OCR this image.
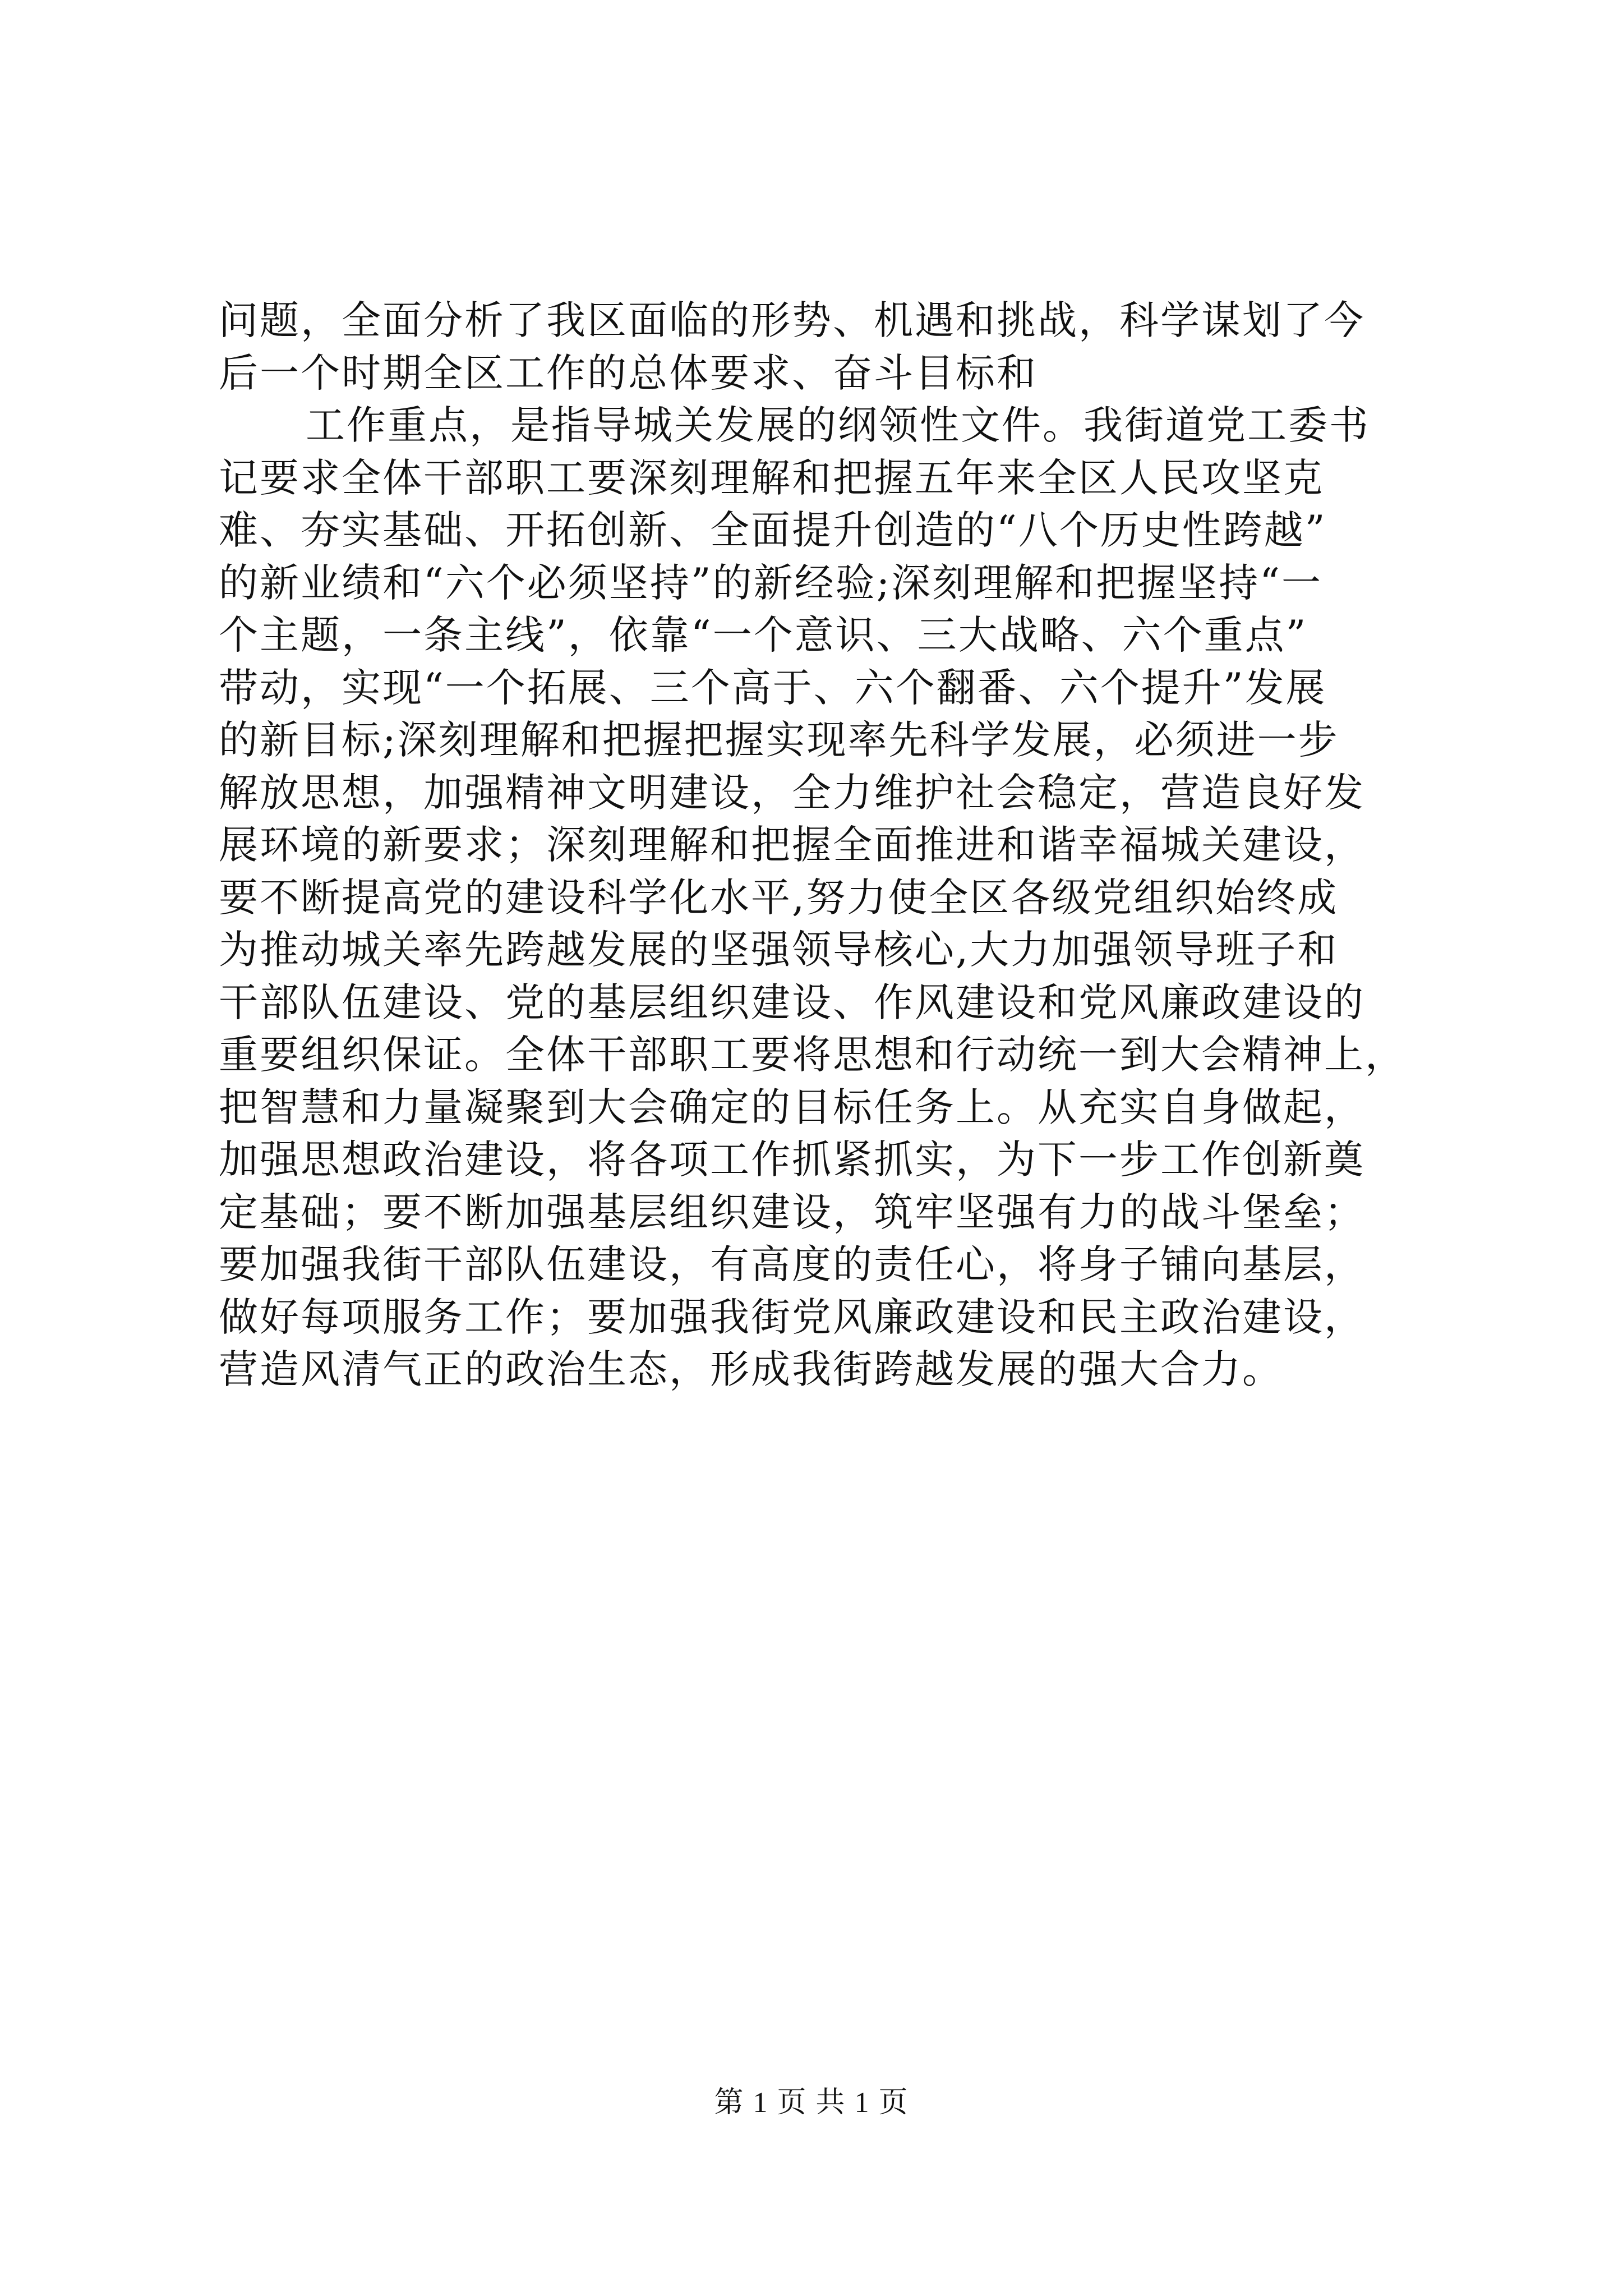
问题，全面分析了我区面临的形势、机遇和挑战，科学谋划了今
后一个时期全区工作的总体要求、奋斗目标和
工作重点，是指导城关发展的纲领性文件。我街道党工委书
记要求全体干部职工要深刻理解和把握五年来全区人民攻坚克
难、夯实基础、开拓创新、全面提升创造的“八个历史性跨越”
的新业绩和“六个必须坚持”的新经验;深刻理解和把握坚持“一
个主题，一条主线”，依靠“一个意识、三大战略、六个重点”
带动，实现“一个拓展、三个高于、六个翻番、六个提升”发展
的新目标;深刻理解和把握把握实现率先科学发展，必须进一步
解放思想，加强精神文明建设，全力维护社会稳定，营造良好发
展环境的新要求；深刻理解和把握全面推进和谐幸福城关建设，
要不断提高党的建设科学化水平,努力使全区各级党组织始终成
为推动城关率先跨越发展的坚强领导核心,大力加强领导班子和
干部队伍建设、党的基层组织建设、作风建设和党风廉政建设的
重要组织保证。全体干部职工要将思想和行动统一到大会精神上，
把智慧和力量凝聚到大会确定的目标任务上。从充实自身做起，
加强思想政治建设，将各项工作抓紧抓实，为下一步工作创新奠
定基础；要不断加强基层组织建设，筑牢坚强有力的战斗堡垒；
要加强我街干部队伍建设，有高度的责任心，将身子铺向基层，
做好每项服务工作；要加强我街党风廉政建设和民主政治建设，
营造风清气正的政治生态，形成我街跨越发展的强大合力。
第 1 页 共 1 页
